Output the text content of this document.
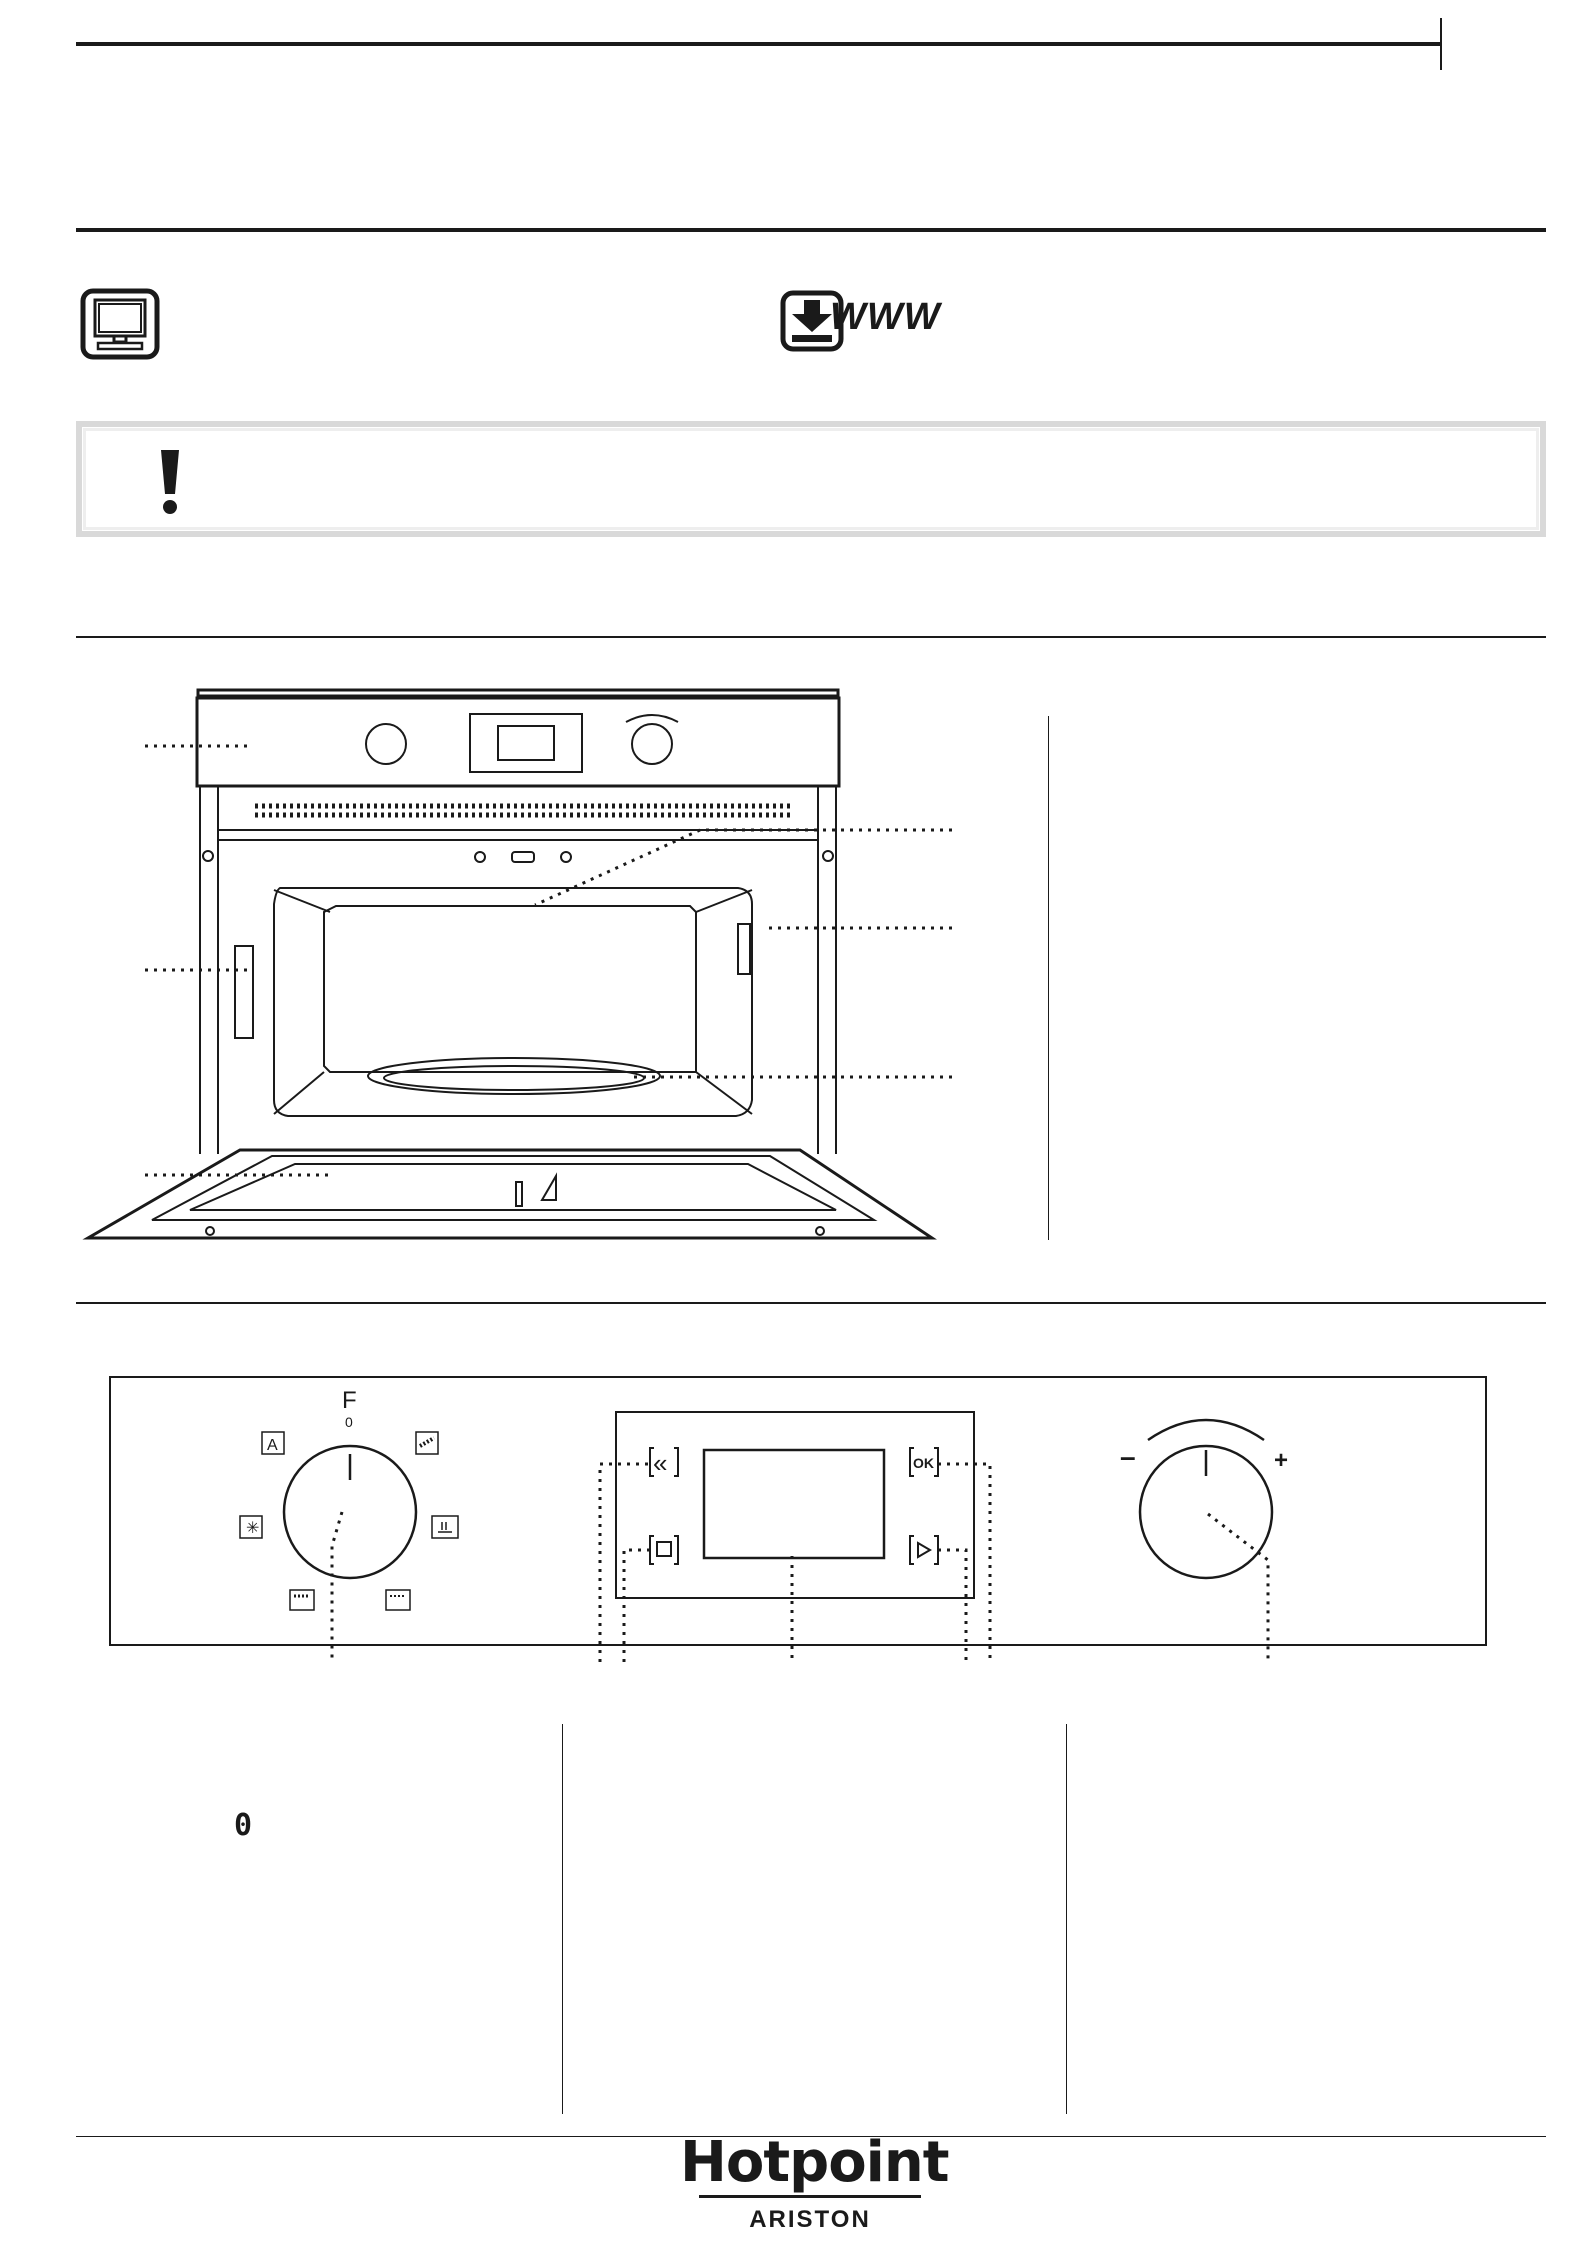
WWW
F
0
A
✳
«	OK	–	+
0
Hotpoint
ARISTON
